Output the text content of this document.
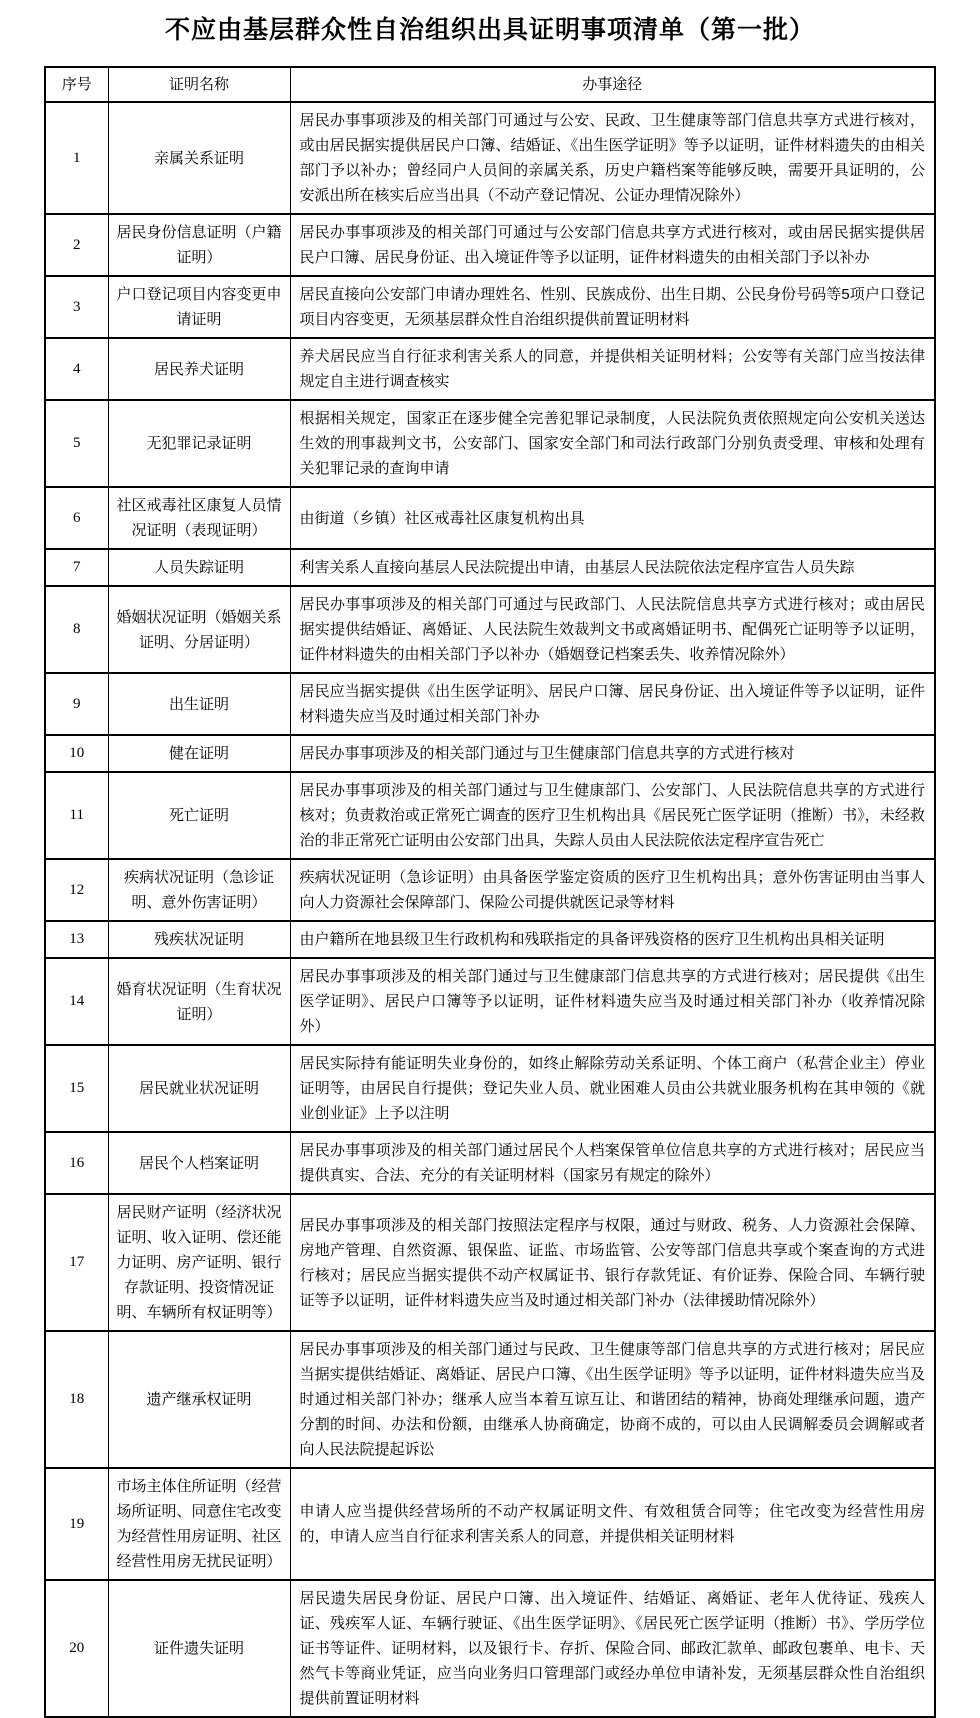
不应由基层群众性自治组织出具证明事项清单（第一批）
序号	证明名称	办事途径
1	亲属关系证明	居民办事事项涉及的相关部门可通过与公安、民政、卫生健康等部门信息共享方式进行核对，或由居民据实提供居民户口簿、结婚证、《出生医学证明》等予以证明，证件材料遗失的由相关部门予以补办；曾经同户人员间的亲属关系，历史户籍档案等能够反映，需要开具证明的，公安派出所在核实后应当出具（不动产登记情况、公证办理情况除外）
2	居民身份信息证明（户籍证明）	居民办事事项涉及的相关部门可通过与公安部门信息共享方式进行核对，或由居民据实提供居民户口簿、居民身份证、出入境证件等予以证明，证件材料遗失的由相关部门予以补办
3	户口登记项目内容变更申请证明	居民直接向公安部门申请办理姓名、性别、民族成份、出生日期、公民身份号码等5项户口登记项目内容变更，无须基层群众性自治组织提供前置证明材料
4	居民养犬证明	养犬居民应当自行征求利害关系人的同意，并提供相关证明材料；公安等有关部门应当按法律规定自主进行调查核实
5	无犯罪记录证明	根据相关规定，国家正在逐步健全完善犯罪记录制度，人民法院负责依照规定向公安机关送达生效的刑事裁判文书，公安部门、国家安全部门和司法行政部门分别负责受理、审核和处理有关犯罪记录的查询申请
6	社区戒毒社区康复人员情况证明（表现证明）	由街道（乡镇）社区戒毒社区康复机构出具
7	人员失踪证明	利害关系人直接向基层人民法院提出申请，由基层人民法院依法定程序宣告人员失踪
8	婚姻状况证明（婚姻关系证明、分居证明）	居民办事事项涉及的相关部门可通过与民政部门、人民法院信息共享方式进行核对；或由居民据实提供结婚证、离婚证、人民法院生效裁判文书或离婚证明书、配偶死亡证明等予以证明，证件材料遗失的由相关部门予以补办（婚姻登记档案丢失、收养情况除外）
9	出生证明	居民应当据实提供《出生医学证明》、居民户口簿、居民身份证、出入境证件等予以证明，证件材料遗失应当及时通过相关部门补办
10	健在证明	居民办事事项涉及的相关部门通过与卫生健康部门信息共享的方式进行核对
11	死亡证明	居民办事事项涉及的相关部门通过与卫生健康部门、公安部门、人民法院信息共享的方式进行核对；负责救治或正常死亡调查的医疗卫生机构出具《居民死亡医学证明（推断）书》，未经救治的非正常死亡证明由公安部门出具，失踪人员由人民法院依法定程序宣告死亡
12	疾病状况证明（急诊证明、意外伤害证明）	疾病状况证明（急诊证明）由具备医学鉴定资质的医疗卫生机构出具；意外伤害证明由当事人向人力资源社会保障部门、保险公司提供就医记录等材料
13	残疾状况证明	由户籍所在地县级卫生行政机构和残联指定的具备评残资格的医疗卫生机构出具相关证明
14	婚育状况证明（生育状况证明）	居民办事事项涉及的相关部门通过与卫生健康部门信息共享的方式进行核对；居民提供《出生医学证明》、居民户口簿等予以证明，证件材料遗失应当及时通过相关部门补办（收养情况除外）
15	居民就业状况证明	居民实际持有能证明失业身份的，如终止解除劳动关系证明、个体工商户（私营企业主）停业证明等，由居民自行提供；登记失业人员、就业困难人员由公共就业服务机构在其申领的《就业创业证》上予以注明
16	居民个人档案证明	居民办事事项涉及的相关部门通过居民个人档案保管单位信息共享的方式进行核对；居民应当提供真实、合法、充分的有关证明材料（国家另有规定的除外）
17	居民财产证明（经济状况证明、收入证明、偿还能力证明、房产证明、银行存款证明、投资情况证明、车辆所有权证明等）	居民办事事项涉及的相关部门按照法定程序与权限，通过与财政、税务、人力资源社会保障、房地产管理、自然资源、银保监、证监、市场监管、公安等部门信息共享或个案查询的方式进行核对；居民应当据实提供不动产权属证书、银行存款凭证、有价证券、保险合同、车辆行驶证等予以证明，证件材料遗失应当及时通过相关部门补办（法律援助情况除外）
18	遗产继承权证明	居民办事事项涉及的相关部门通过与民政、卫生健康等部门信息共享的方式进行核对；居民应当据实提供结婚证、离婚证、居民户口簿、《出生医学证明》等予以证明，证件材料遗失应当及时通过相关部门补办；继承人应当本着互谅互让、和谐团结的精神，协商处理继承问题，遗产分割的时间、办法和份额，由继承人协商确定，协商不成的，可以由人民调解委员会调解或者向人民法院提起诉讼
19	市场主体住所证明（经营场所证明、同意住宅改变为经营性用房证明、社区经营性用房无扰民证明）	申请人应当提供经营场所的不动产权属证明文件、有效租赁合同等；住宅改变为经营性用房的，申请人应当自行征求利害关系人的同意，并提供相关证明材料
20	证件遗失证明	居民遗失居民身份证、居民户口簿、出入境证件、结婚证、离婚证、老年人优待证、残疾人证、残疾军人证、车辆行驶证、《出生医学证明》、《居民死亡医学证明（推断）书》、学历学位证书等证件、证明材料，以及银行卡、存折、保险合同、邮政汇款单、邮政包裹单、电卡、天然气卡等商业凭证，应当向业务归口管理部门或经办单位申请补发，无须基层群众性自治组织提供前置证明材料
